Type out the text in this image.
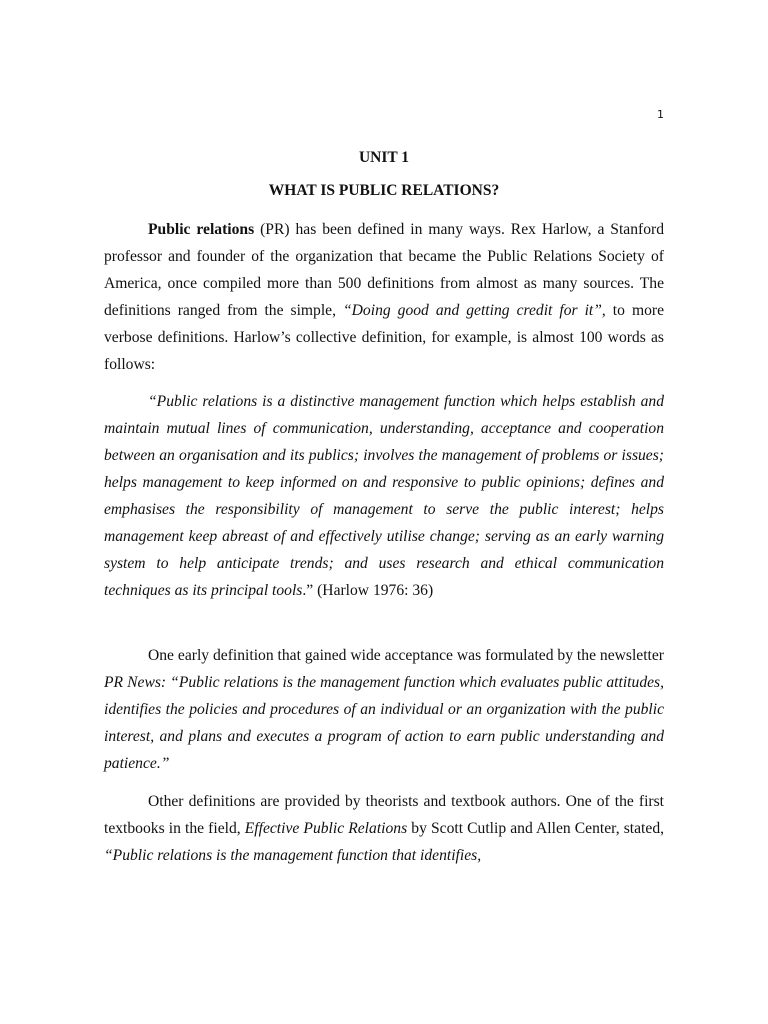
1
UNIT 1
WHAT IS PUBLIC RELATIONS?

Public relations (PR) has been defined in many ways. Rex Harlow, a Stanford professor and founder of the organization that became the Public Relations Society of America, once compiled more than 500 definitions from almost as many sources. The definitions ranged from the simple, “Doing good and getting credit for it”, to more verbose definitions. Harlow’s collective definition, for example, is almost 100 words as follows:

“Public relations is a distinctive management function which helps establish and maintain mutual lines of communication, understanding, acceptance and cooperation between an organisation and its publics; involves the management of problems or issues; helps management to keep informed on and responsive to public opinions; defines and emphasises the responsibility of management to serve the public interest; helps management keep abreast of and effectively utilise change; serving as an early warning system to help anticipate trends; and uses research and ethical communication techniques as its principal tools.” (Harlow 1976: 36)

One early definition that gained wide acceptance was formulated by the newsletter PR News: “Public relations is the management function which evaluates public attitudes, identifies the policies and procedures of an individual or an organization with the public interest, and plans and executes a program of action to earn public understanding and patience.”

Other definitions are provided by theorists and textbook authors. One of the first textbooks in the field, Effective Public Relations by Scott Cutlip and Allen Center, stated, “Public relations is the management function that identifies,
